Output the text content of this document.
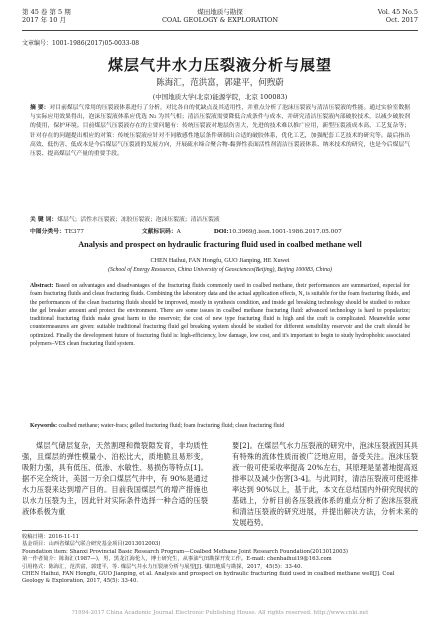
第 45 卷 第 5 期
2017 年 10 月
煤田地质与勘探
COAL GEOLOGY & EXPLORATION
Vol. 45 No.5
Oct. 2017
文章编号：1001-1986(2017)05-0033-08
煤层气井水力压裂液分析与展望
陈海汇，范洪富，郭建平，何煦蔚
(中国地质大学(北京)能源学院，北京 100083)
摘 要：对目前煤层气常用的压裂液体系进行了分析，对比各自的优缺点及其适用性，并重点分析了泡沫压裂液与清洁压裂液的性能。通过实验室数据与实际应用效果得出，泡沫压裂液体系应优选 N₂ 为其气相；清洁压裂液需要降低合成条件与成本，并研究清洁压裂液内部破胶技术，以减少破胶剂的使用，保护环境。目前煤层气压裂液存在的主要问题有：传统压裂液对地层伤害大，先进的技术难以推广应用，新型压裂液成本高、工艺复杂等；针对存在的问题提出相应的对策：传统压裂液应针对不同敏感性地层条件研制出合适的破胶体系，优化工艺，加强配套工艺技术的研究等。最后指出高效、低伤害、低成本是今后煤层气压裂液的发展方向，开展疏水缔合聚合物-黏弹性表面活性剂清洁压裂液体系、纳米技术的研究，也是今后煤层气压裂、提高煤层气产量的重要手段。
关 键 词：煤层气；活性水压裂液；冻胶压裂液；泡沫压裂液；清洁压裂液
中图分类号：TE377	文献标识码：A	DOI:10.3969/j.issn.1001-1986.2017.05.007
Analysis and prospect on hydraulic fracturing fluid used in coalbed methane well
CHEN Haihui, FAN Hongfu, GUO Jianping, HE Xuwei
(School of Energy Resources, China University of Geosciences(Beijing), Beijing 100083, China)
Abstract: Based on advantages and disadvantages of the fracturing fluids commonly used in coalbed methane, their performances are summarized, especial for foam fracturing fluids and clean fracturing fluids. Combining the laboratory data and the actual application effects, N₂ is suitable for the foam fracturing fluids, and the performances of the clean fracturing fluids should be improved, mostly in synthesis condition, and inside gel breaking technology should be studied to reduce the gel breaker amount and protect the environment. There are some issues in coalbed methane fracturing fluid: advanced technology is hard to popularize; traditional fracturing fluids make great harm to the reservoir; the cost of new type fracturing fluid is high and the craft is complicated. Meanwhile some countermeasures are given: suitable traditional fracturing fluid gel breaking system should be studied for different sensibility reservoir and the craft should be optimized. Finally the development future of fracturing fluid is: high-efficiency, low damage, low cost, and it's important to begin to study hydrophobic associated polymers–VES clean fracturing fluid system.
Keywords: coalbed methane; water-fracs; gelled fracturing fluid; foam fracturing fluid; clean fracturing fluid
煤层气储层复杂，天然割理和微裂隙发育，非均质性强，且煤层的弹性模量小、泊松比大，质地脆且易形变，吸附力强，具有低压、低渗、水敏性、易损伤等特点[1]。据不完全统计，美国一万余口煤层气井中，有 90%是通过水力压裂来达到增产目的。目前我国煤层气的增产措施也以水力压裂为主，因此针对实际条件选择一种合适的压裂液体系极为重
要[2]。在煤层气水力压裂液的研究中，泡沫压裂液因其具有特殊的流体性质而被广泛地应用，备受关注。泡沫压裂液一般可使采收率提高 20%左右，其原理是显著地提高返排率以及减少伤害[3-4]。与此同时，清洁压裂液可使返排率达到 90%以上，基于此，本文在总结国内外研究现状的基础上，分析目前各压裂液体系的重点分析了泡沫压裂液和清洁压裂液的研究进展，并提出解决方法，分析未来的发展趋势。
收稿日期：2016-11-11
基金项目：山西省煤层气联合研究基金项目(2013012003)
Foundation item: Shanxi Provincial Basic Research Program—Coalbed Methane Joint Research Foundation(2013012003)
第一作者简介：陈海汇(1987—)，男，黑龙江海伦人，博士研究生，从事油气田勘探开发工作。E-mail: chenhaihui19@163.com
引用格式：陈海汇，范洪富，郭建平，等. 煤层气井水力压裂液分析与展望[J]. 煤田地质与勘探，2017，45(5)：33-40.
CHEN Haihui, FAN Hongfu, GUO Jianping, et al. Analysis and prospect on hydraulic fracturing fluid used in coalbed methane well[J]. Coal Geology & Exploration, 2017, 45(5): 33-40.
?1994-2017 China Academic Journal Electronic Publishing House. All rights reserved. http://www.cnki.net
